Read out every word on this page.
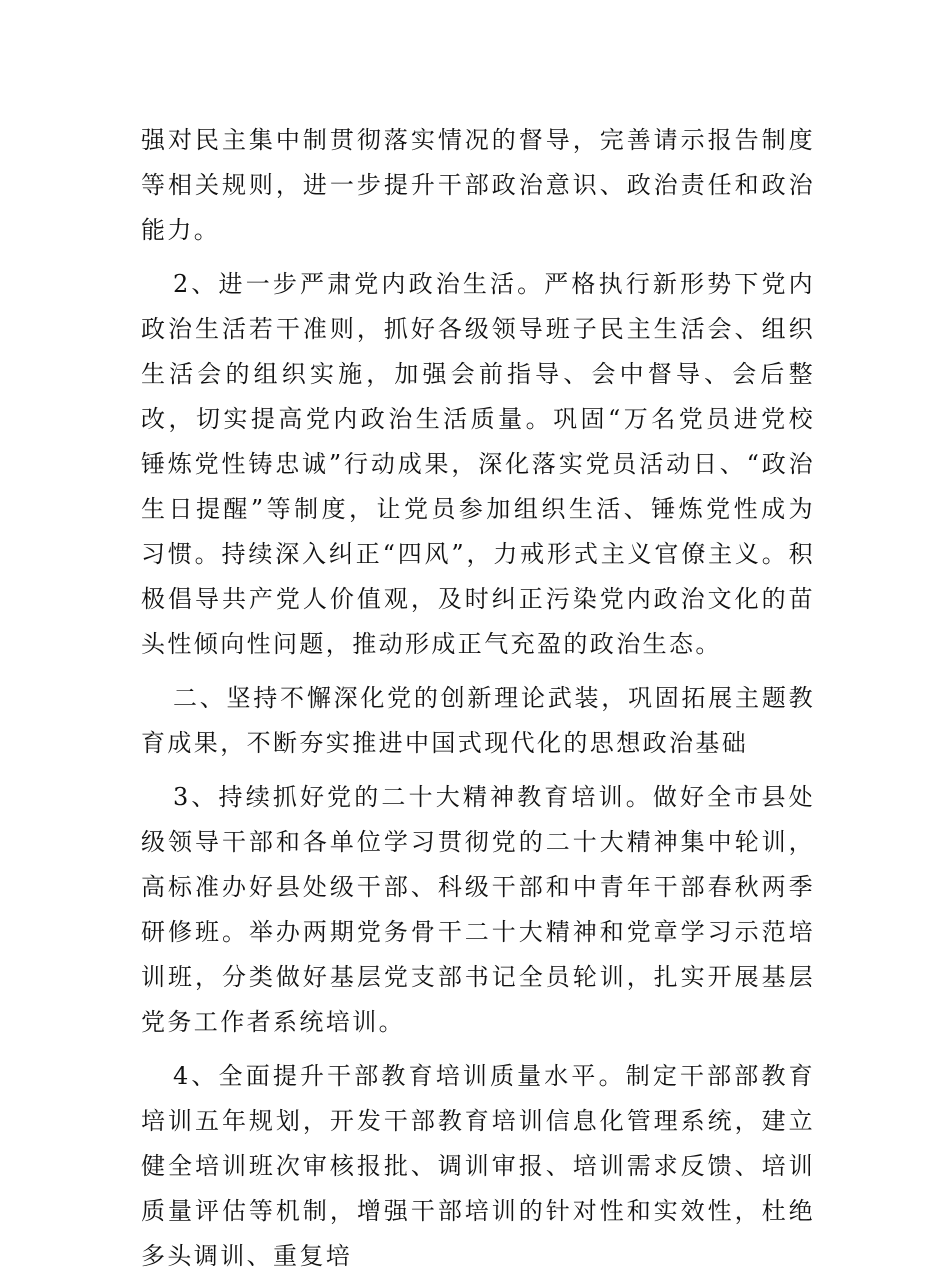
强对民主集中制贯彻落实情况的督导，完善请示报告制度等相关规则，进一步提升干部政治意识、政治责任和政治能力。

2、进一步严肃党内政治生活。严格执行新形势下党内政治生活若干准则，抓好各级领导班子民主生活会、组织生活会的组织实施，加强会前指导、会中督导、会后整改，切实提高党内政治生活质量。巩固“万名党员进党校锤炼党性铸忠诚”行动成果，深化落实党员活动日、“政治生日提醒”等制度，让党员参加组织生活、锤炼党性成为习惯。持续深入纠正“四风”，力戒形式主义官僚主义。积极倡导共产党人价值观，及时纠正污染党内政治文化的苗头性倾向性问题，推动形成正气充盈的政治生态。

二、坚持不懈深化党的创新理论武装，巩固拓展主题教育成果，不断夯实推进中国式现代化的思想政治基础

3、持续抓好党的二十大精神教育培训。做好全市县处级领导干部和各单位学习贯彻党的二十大精神集中轮训，高标准办好县处级干部、科级干部和中青年干部春秋两季研修班。举办两期党务骨干二十大精神和党章学习示范培训班，分类做好基层党支部书记全员轮训，扎实开展基层党务工作者系统培训。

4、全面提升干部教育培训质量水平。制定干部部教育培训五年规划，开发干部教育培训信息化管理系统，建立健全培训班次审核报批、调训审报、培训需求反馈、培训质量评估等机制，增强干部培训的针对性和实效性，杜绝多头调训、重复培
